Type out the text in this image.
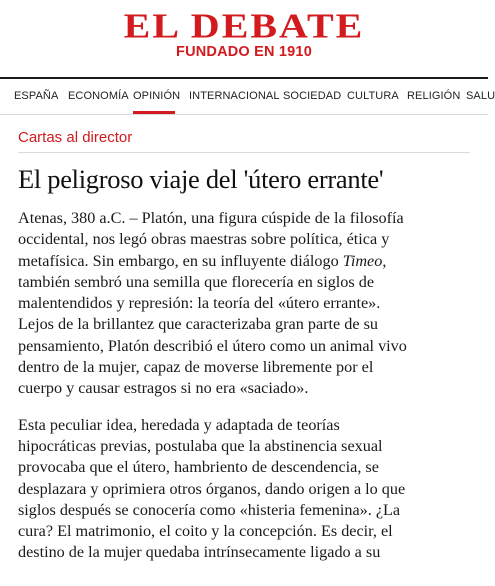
EL DEBATE
FUNDADO EN 1910
ESPAÑA ECONOMÍA OPINIÓN INTERNACIONAL SOCIEDAD CULTURA RELIGIÓN SALU
Cartas al director
El peligroso viaje del 'útero errante'
Atenas, 380 a.C. – Platón, una figura cúspide de la filosofía
occidental, nos legó obras maestras sobre política, ética y
metafísica. Sin embargo, en su influyente diálogo Timeo,
también sembró una semilla que florecería en siglos de
malentendidos y represión: la teoría del «útero errante».
Lejos de la brillantez que caracterizaba gran parte de su
pensamiento, Platón describió el útero como un animal vivo
dentro de la mujer, capaz de moverse libremente por el
cuerpo y causar estragos si no era «saciado».
Esta peculiar idea, heredada y adaptada de teorías
hipocráticas previas, postulaba que la abstinencia sexual
provocaba que el útero, hambriento de descendencia, se
desplazara y oprimiera otros órganos, dando origen a lo que
siglos después se conocería como «histeria femenina». ¿La
cura? El matrimonio, el coito y la concepción. Es decir, el
destino de la mujer quedaba intrínsecamente ligado a su
